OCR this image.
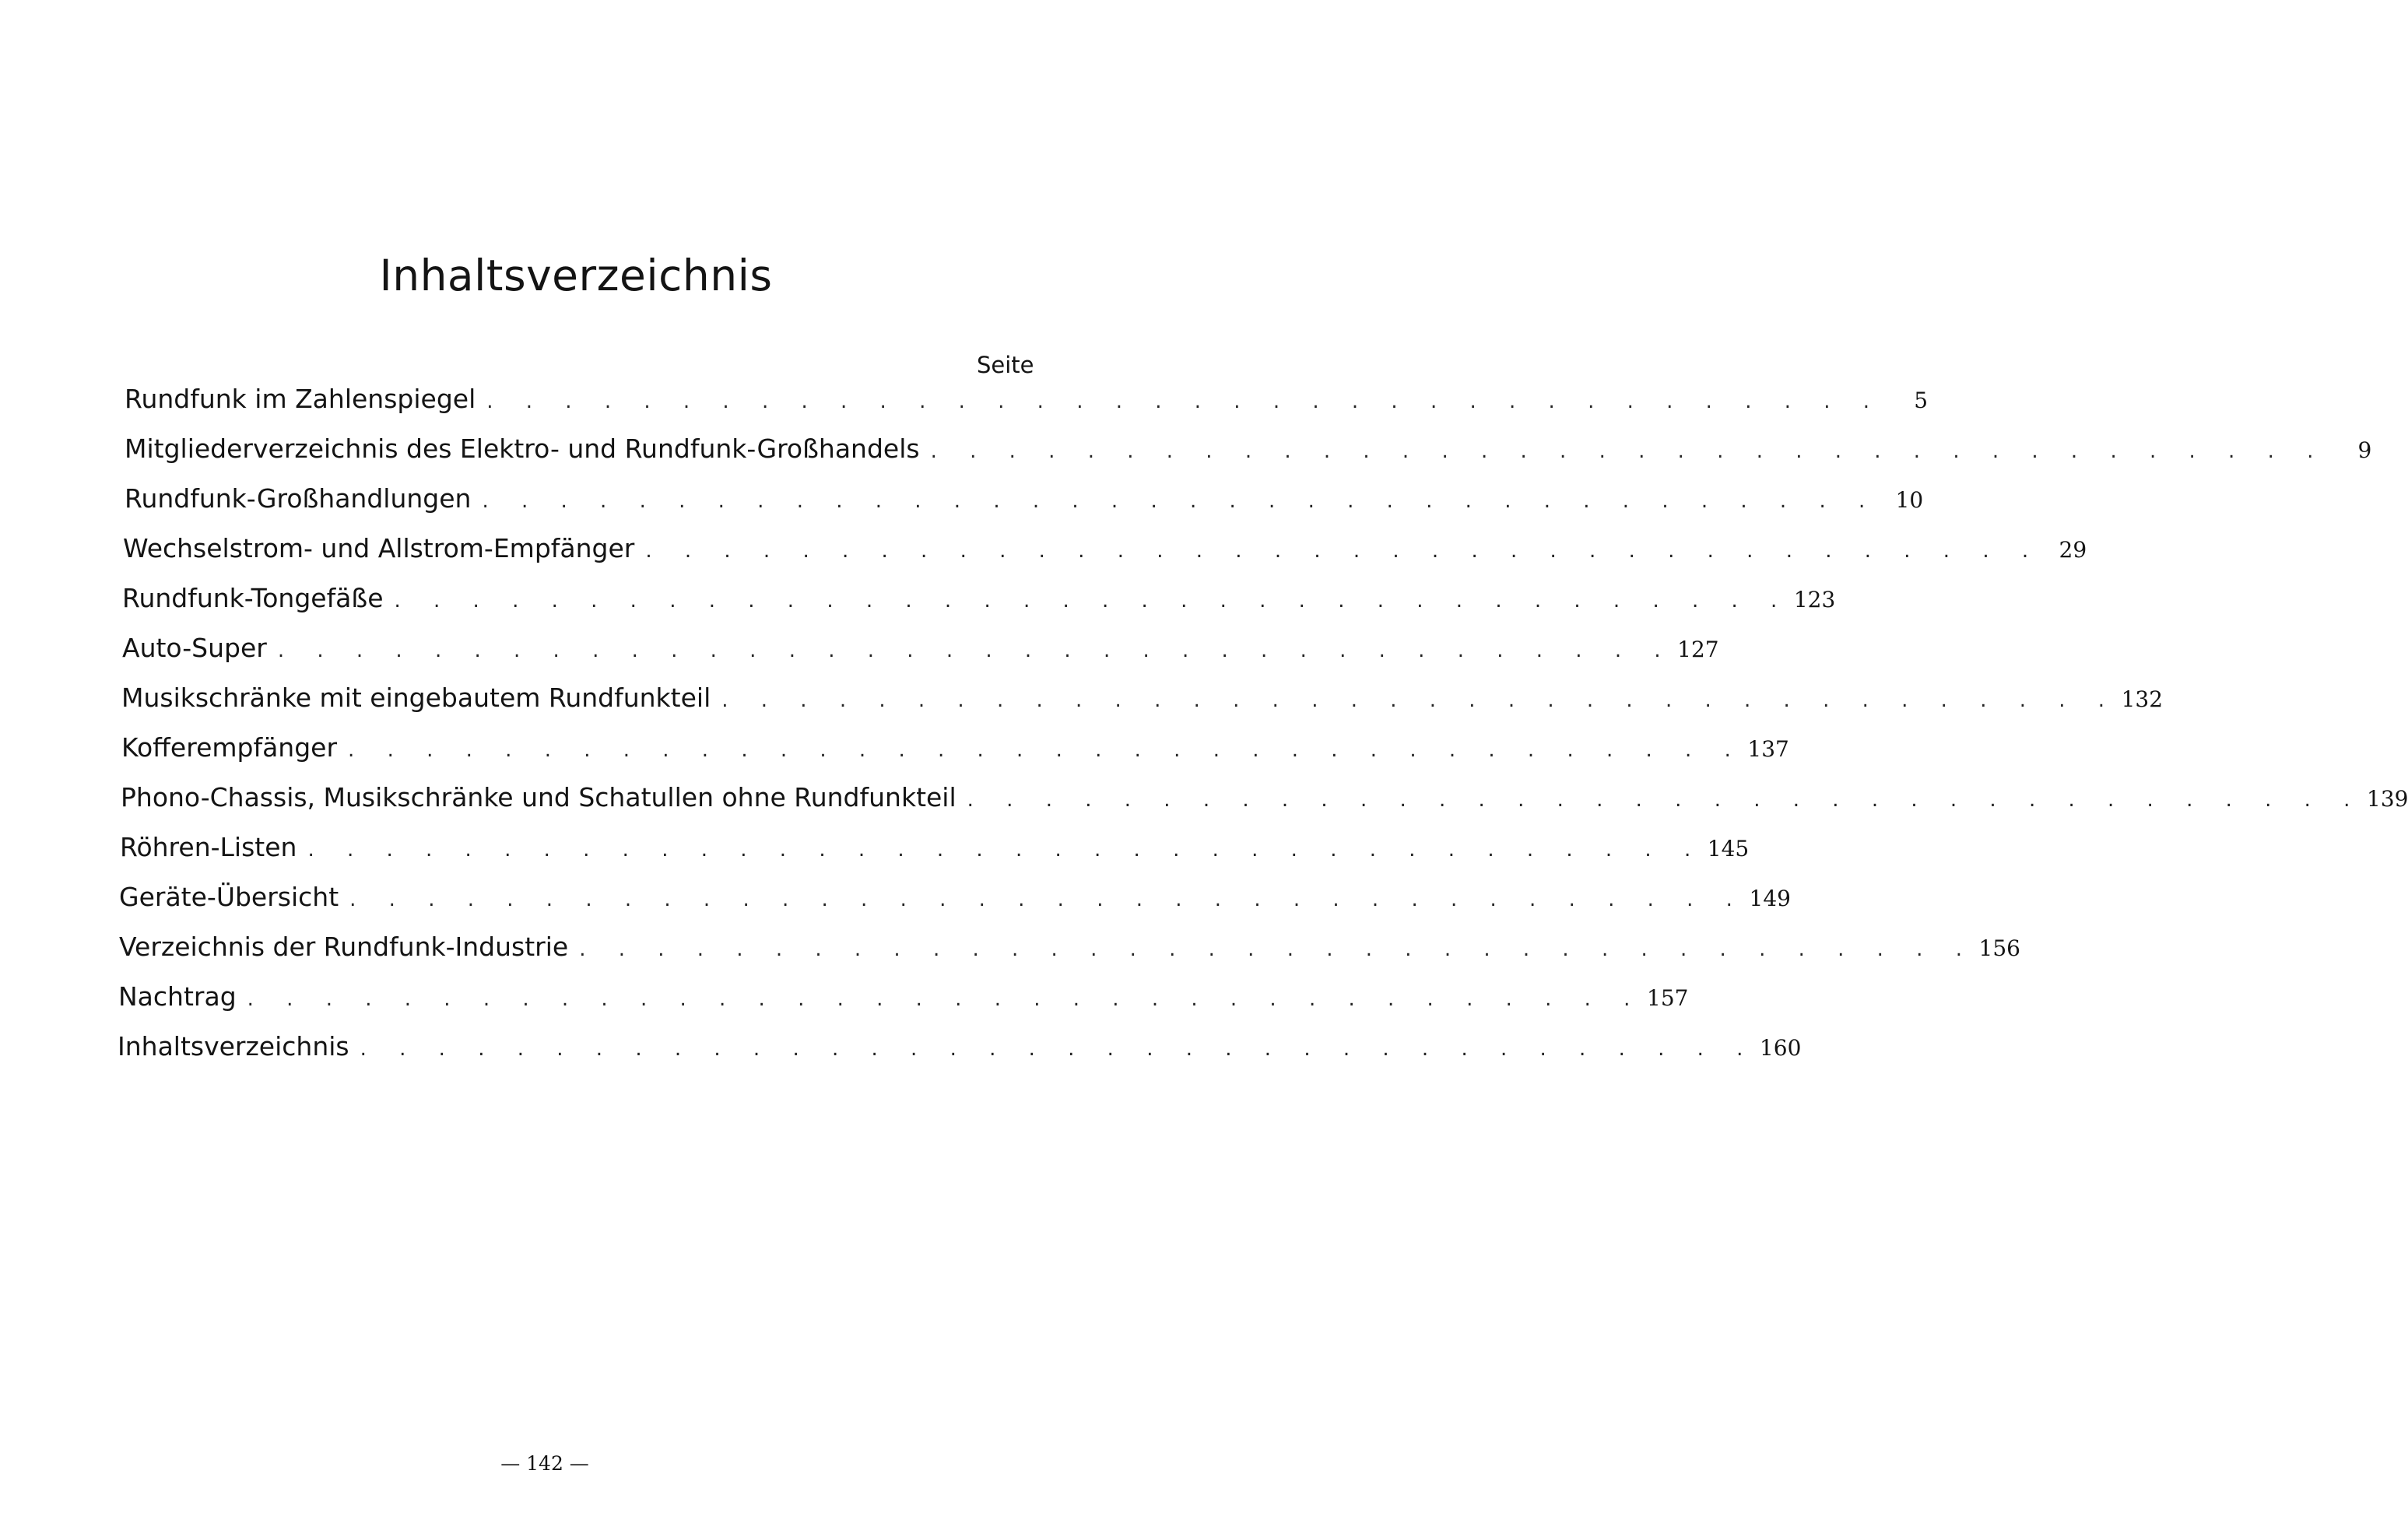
Inhaltsverzeichnis
Seite
Rundfunk im Zahlenspiegel . . . . . . . . . . . . . . . . . . . . . . . . . . . . . . . . . . . .	5
Mitgliederverzeichnis des Elektro- und Rundfunk-Großhandels . . . . . . . . . . . . . . . . . . . . . . . . . . . . . . . . . . . .	9
Rundfunk-Großhandlungen . . . . . . . . . . . . . . . . . . . . . . . . . . . . . . . . . . . . 10
Wechselstrom- und Allstrom-Empfänger . . . . . . . . . . . . . . . . . . . . . . . . . . . . . . . . . . . . 29
Rundfunk-Tongefäße . . . . . . . . . . . . . . . . . . . . . . . . . . . . . . . . . . . . 123
Auto-Super . . . . . . . . . . . . . . . . . . . . . . . . . . . . . . . . . . . . 127
Musikschränke mit eingebautem Rundfunkteil . . . . . . . . . . . . . . . . . . . . . . . . . . . . . . . . . . . . 132
Kofferempfänger . . . . . . . . . . . . . . . . . . . . . . . . . . . . . . . . . . . . 137
Phono-Chassis, Musikschränke und Schatullen ohne Rundfunkteil . . . . . . . . . . . . . . . . . . . . . . . . . . . . . . . . . . . . 139
Röhren-Listen . . . . . . . . . . . . . . . . . . . . . . . . . . . . . . . . . . . . 145
Geräte-Übersicht . . . . . . . . . . . . . . . . . . . . . . . . . . . . . . . . . . . . 149
Verzeichnis der Rundfunk-Industrie . . . . . . . . . . . . . . . . . . . . . . . . . . . . . . . . . . . . 156
Nachtrag . . . . . . . . . . . . . . . . . . . . . . . . . . . . . . . . . . . . 157
Inhaltsverzeichnis . . . . . . . . . . . . . . . . . . . . . . . . . . . . . . . . . . . . 160
— 142 —
